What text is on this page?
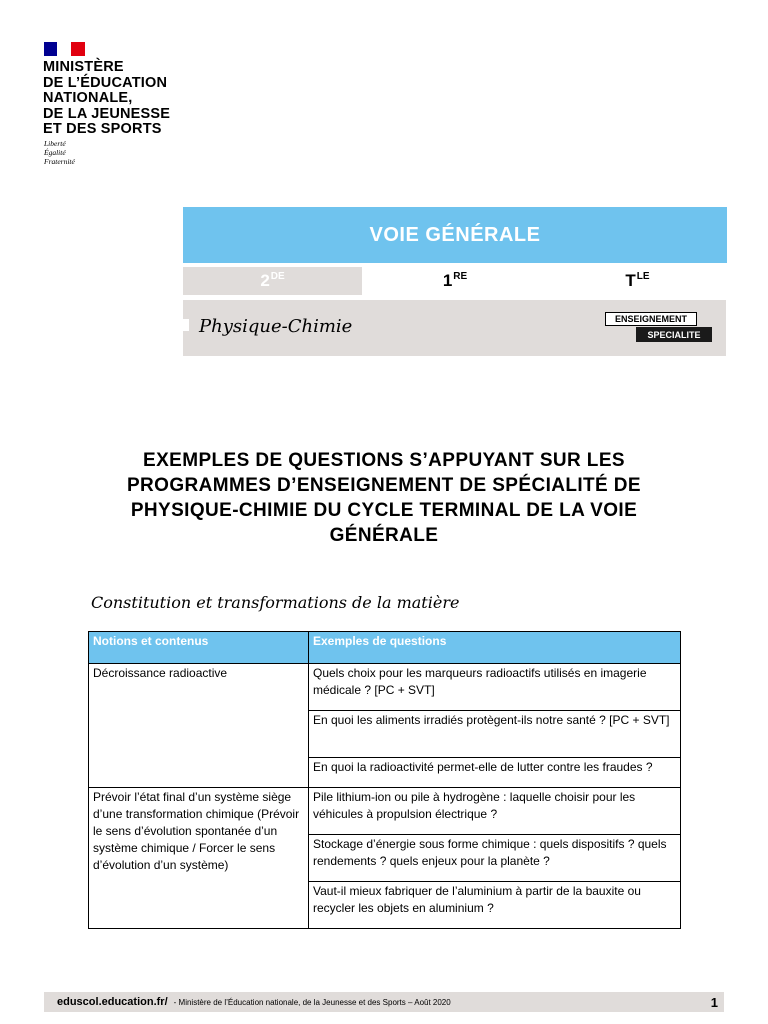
MINISTÈRE
DE L’ÉDUCATION
NATIONALE,
DE LA JEUNESSE
ET DES SPORTS
Liberté
Égalité
Fraternité
VOIE GÉNÉRALE
2DE	1RE	$T^{LE}$
Physique-Chimie	ENSEIGNEMENT
SPECIALITE
EXEMPLES DE QUESTIONS S’APPUYANT SUR LES
PROGRAMMES D’ENSEIGNEMENT DE SPÉCIALITÉ DE
PHYSIQUE-CHIMIE DU CYCLE TERMINAL DE LA VOIE
GÉNÉRALE
Constitution et transformations de la matière
Notions et contenus	Exemples de questions
Décroissance radioactive	Quels choix pour les marqueurs radioactifs utilisés en imagerie médicale ? [PC + SVT]
	En quoi les aliments irradiés protègent-ils notre santé ? [PC + SVT]
	En quoi la radioactivité permet-elle de lutter contre les fraudes ?
Prévoir l’état final d’un système siège d’une transformation chimique (Prévoir le sens d’évolution spontanée d’un système chimique / Forcer le sens d’évolution d’un système)	Pile lithium-ion ou pile à hydrogène : laquelle choisir pour les véhicules à propulsion électrique ?
	Stockage d’énergie sous forme chimique : quels dispositifs ? quels rendements ? quels enjeux pour la planète ?
	Vaut-il mieux fabriquer de l’aluminium à partir de la bauxite ou recycler les objets en aluminium ?
eduscol.education.fr/ - Ministère de l’Éducation nationale, de la Jeunesse et des Sports – Août 2020	1
